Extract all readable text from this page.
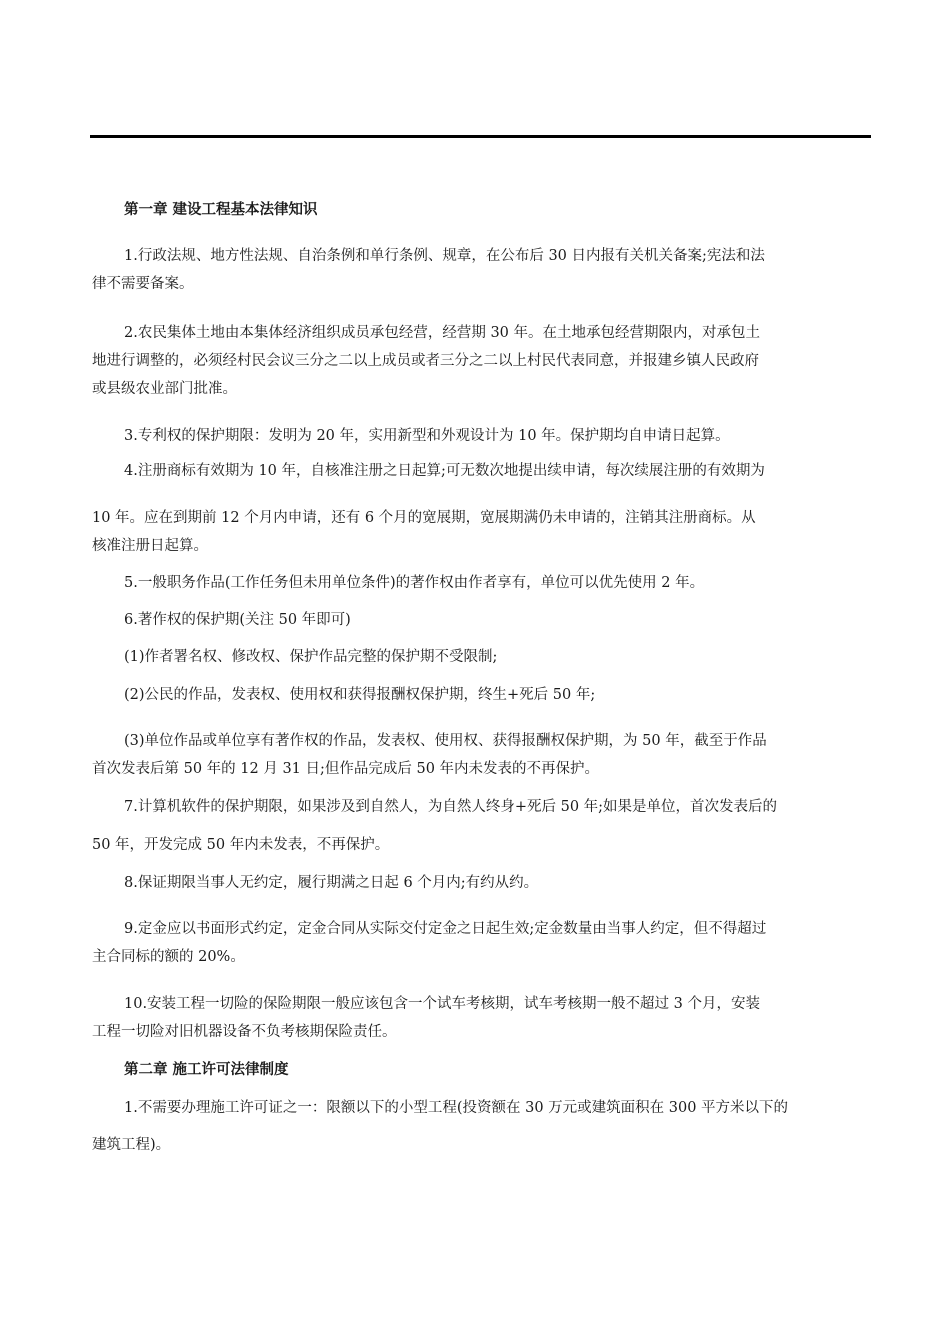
第一章 建设工程基本法律知识
1.行政法规、地方性法规、自治条例和单行条例、规章，在公布后 30 日内报有关机关备案;宪法和法
律不需要备案。
2.农民集体土地由本集体经济组织成员承包经营，经营期 30 年。在土地承包经营期限内，对承包土
地进行调整的，必须经村民会议三分之二以上成员或者三分之二以上村民代表同意，并报建乡镇人民政府
或县级农业部门批准。
3.专利权的保护期限：发明为 20 年，实用新型和外观设计为 10 年。保护期均自申请日起算。
4.注册商标有效期为 10 年，自核准注册之日起算;可无数次地提出续申请，每次续展注册的有效期为
10 年。应在到期前 12 个月内申请，还有 6 个月的宽展期，宽展期满仍未申请的，注销其注册商标。从
核准注册日起算。
5.一般职务作品(工作任务但未用单位条件)的著作权由作者享有，单位可以优先使用 2 年。
6.著作权的保护期(关注 50 年即可)
(1)作者署名权、修改权、保护作品完整的保护期不受限制;
(2)公民的作品，发表权、使用权和获得报酬权保护期，终生+死后 50 年;
(3)单位作品或单位享有著作权的作品，发表权、使用权、获得报酬权保护期，为 50 年，截至于作品
首次发表后第 50 年的 12 月 31 日;但作品完成后 50 年内未发表的不再保护。
7.计算机软件的保护期限，如果涉及到自然人，为自然人终身+死后 50 年;如果是单位，首次发表后的
50 年，开发完成 50 年内未发表，不再保护。
8.保证期限当事人无约定，履行期满之日起 6 个月内;有约从约。
9.定金应以书面形式约定，定金合同从实际交付定金之日起生效;定金数量由当事人约定，但不得超过
主合同标的额的 20%。
10.安装工程一切险的保险期限一般应该包含一个试车考核期，试车考核期一般不超过 3 个月，安装
工程一切险对旧机器设备不负考核期保险责任。
第二章 施工许可法律制度
1.不需要办理施工许可证之一：限额以下的小型工程(投资额在 30 万元或建筑面积在 300 平方米以下的
建筑工程)。
